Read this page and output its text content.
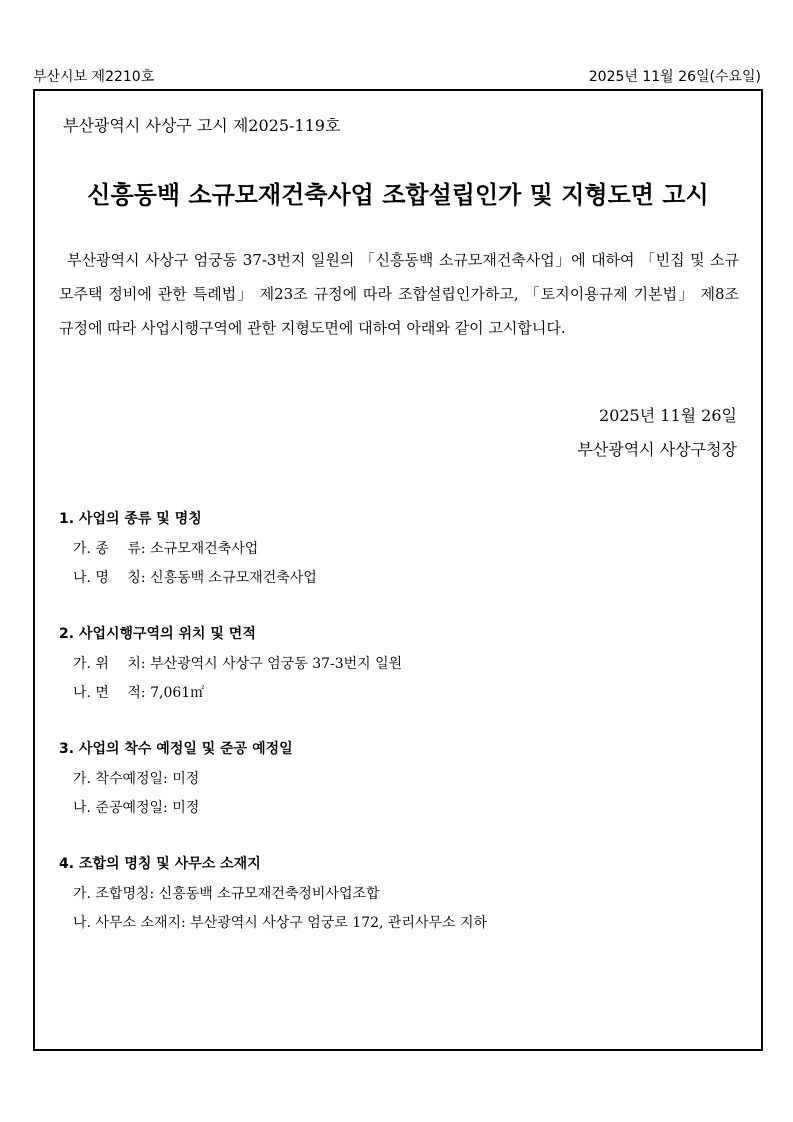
부산시보 제2210호	2025년 11월 26일(수요일)
부산광역시 사상구 고시 제2025-119호
신흥동백 소규모재건축사업 조합설립인가 및 지형도면 고시
부산광역시 사상구 엄궁동 37-3번지 일원의 「신흥동백 소규모재건축사업」에 대하여 「빈집 및 소규모주택 정비에 관한 특례법」 제23조 규정에 따라 조합설립인가하고, 「토지이용규제 기본법」 제8조 규정에 따라 사업시행구역에 관한 지형도면에 대하여 아래와 같이 고시합니다.
2025년 11월 26일
부산광역시 사상구청장
1. 사업의 종류 및 명칭
가. 종　 류: 소규모재건축사업
나. 명　 칭: 신흥동백 소규모재건축사업
2. 사업시행구역의 위치 및 면적
가. 위　 치: 부산광역시 사상구 엄궁동 37-3번지 일원
나. 면　 적: 7,061㎡
3. 사업의 착수 예정일 및 준공 예정일
가. 착수예정일: 미정
나. 준공예정일: 미정
4. 조합의 명칭 및 사무소 소재지
가. 조합명칭: 신흥동백 소규모재건축정비사업조합
나. 사무소 소재지: 부산광역시 사상구 엄궁로 172, 관리사무소 지하
